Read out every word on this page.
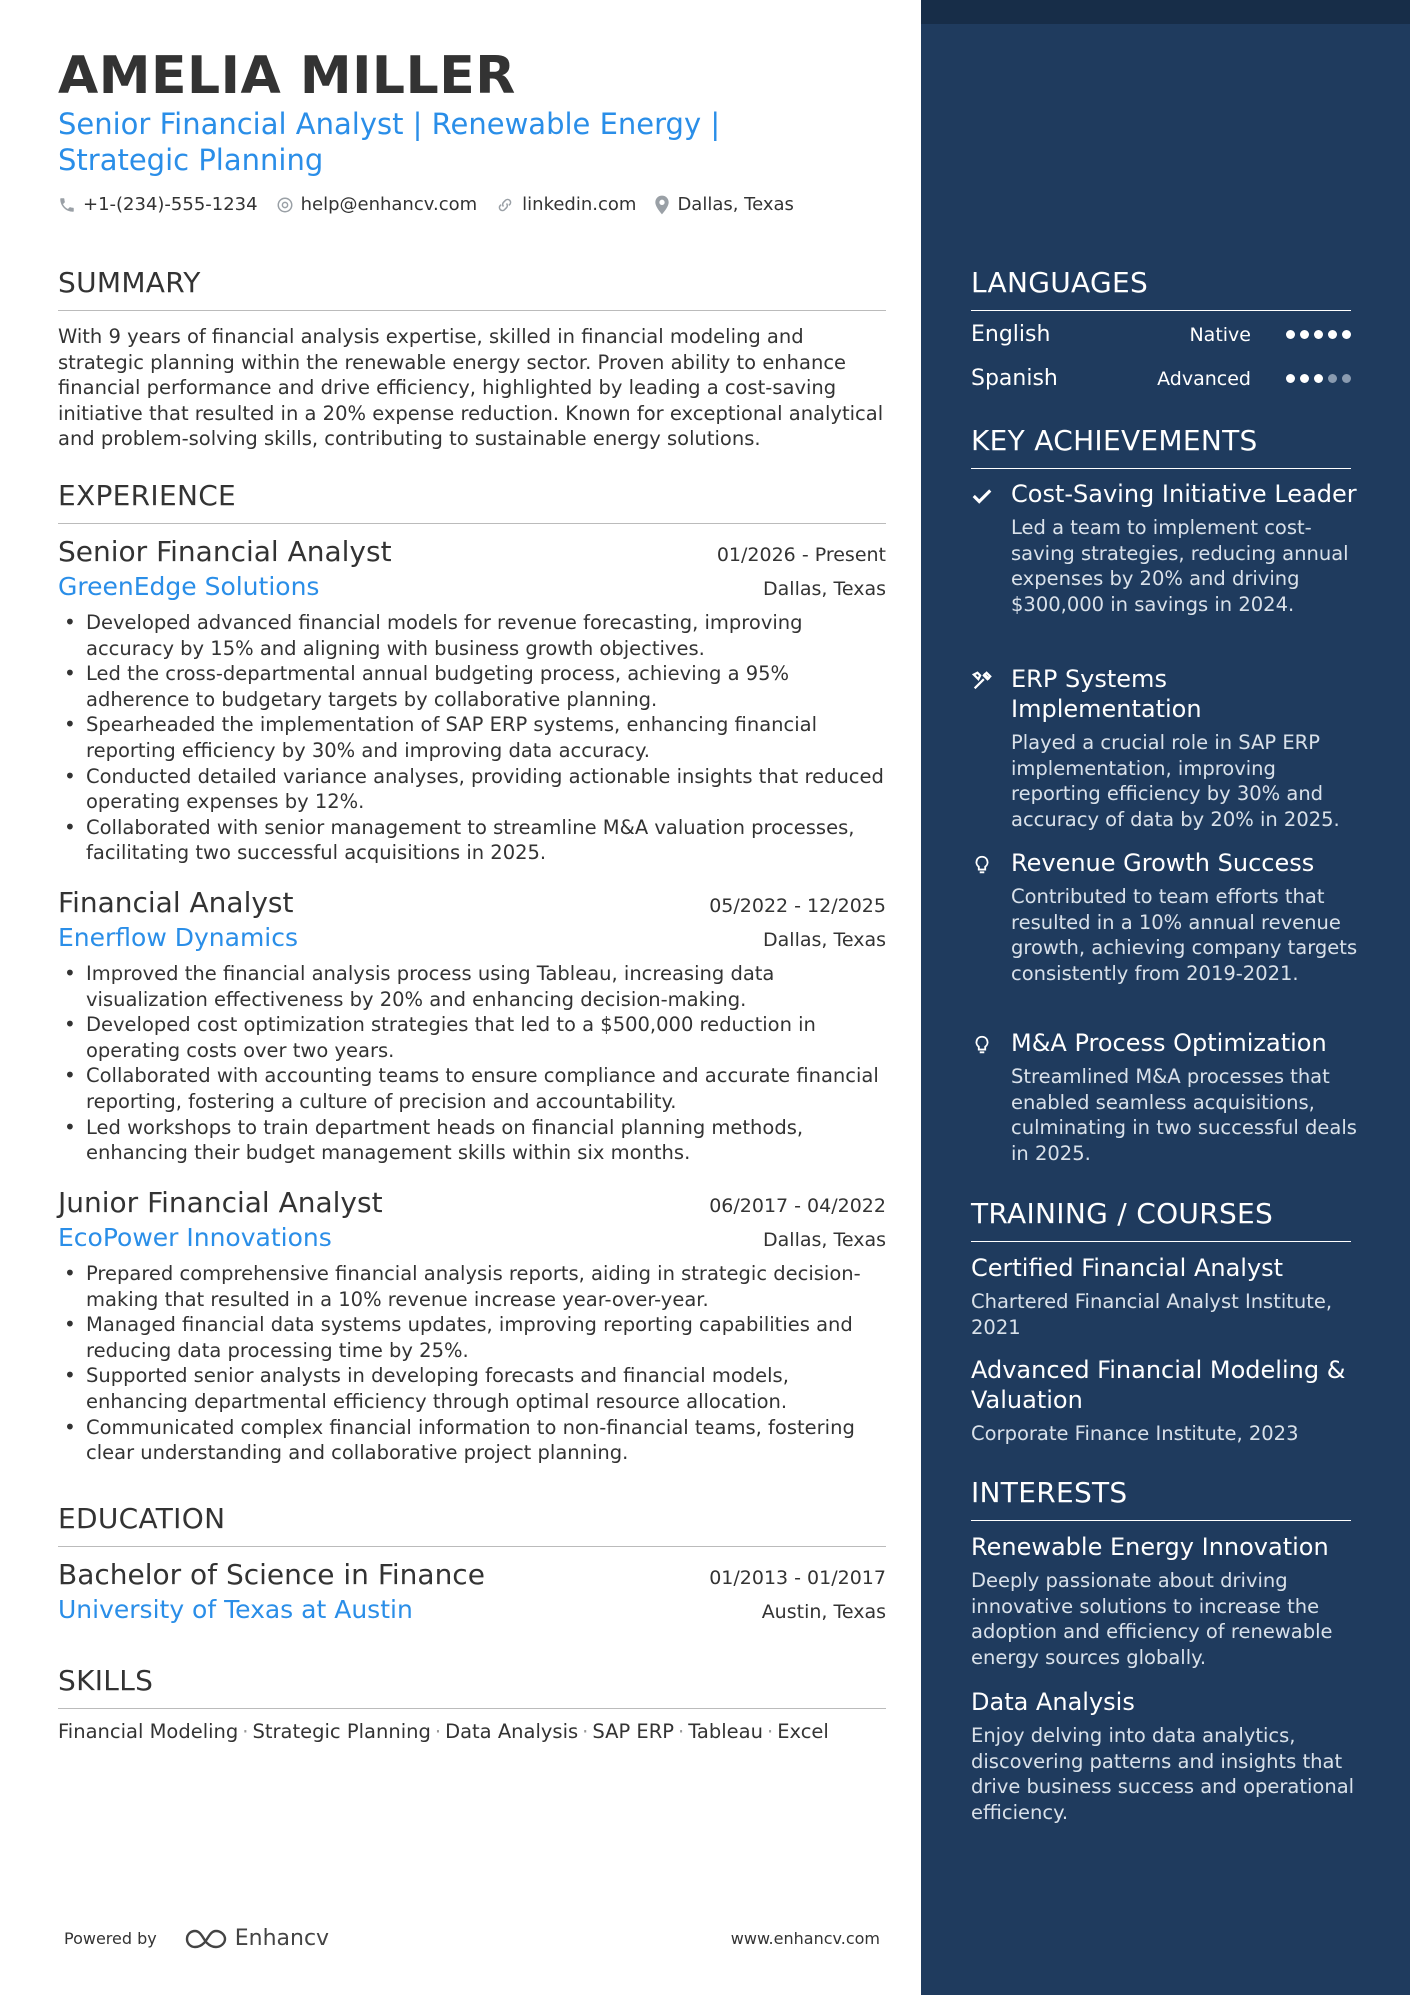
AMELIA MILLER
Senior Financial Analyst | Renewable Energy | Strategic Planning
+1-(234)-555-1234 help@enhancv.com	linkedin.com Dallas, Texas
SUMMARY
With 9 years of financial analysis expertise, skilled in financial modeling and strategic planning within the renewable energy sector. Proven ability to enhance financial performance and drive efficiency, highlighted by leading a cost-saving initiative that resulted in a 20% expense reduction. Known for exceptional analytical and problem-solving skills, contributing to sustainable energy solutions.
EXPERIENCE
Senior Financial Analyst	01/2026 - Present
GreenEdge Solutions	Dallas, Texas
• Developed advanced financial models for revenue forecasting, improving accuracy by 15% and aligning with business growth objectives.
• Led the cross-departmental annual budgeting process, achieving a 95% adherence to budgetary targets by collaborative planning.
• Spearheaded the implementation of SAP ERP systems, enhancing financial reporting efficiency by 30% and improving data accuracy.
• Conducted detailed variance analyses, providing actionable insights that reduced operating expenses by 12%.
• Collaborated with senior management to streamline M&A valuation processes, facilitating two successful acquisitions in 2025.
Financial Analyst	05/2022 - 12/2025
Enerflow Dynamics	Dallas, Texas
• Improved the financial analysis process using Tableau, increasing data visualization effectiveness by 20% and enhancing decision-making.
• Developed cost optimization strategies that led to a $500,000 reduction in operating costs over two years.
• Collaborated with accounting teams to ensure compliance and accurate financial reporting, fostering a culture of precision and accountability.
• Led workshops to train department heads on financial planning methods, enhancing their budget management skills within six months.
Junior Financial Analyst	06/2017 - 04/2022
EcoPower Innovations	Dallas, Texas
• Prepared comprehensive financial analysis reports, aiding in strategic decision-making that resulted in a 10% revenue increase year-over-year.
• Managed financial data systems updates, improving reporting capabilities and reducing data processing time by 25%.
• Supported senior analysts in developing forecasts and financial models, enhancing departmental efficiency through optimal resource allocation.
• Communicated complex financial information to non-financial teams, fostering clear understanding and collaborative project planning.
EDUCATION
Bachelor of Science in Finance	01/2013 - 01/2017
University of Texas at Austin	Austin, Texas
SKILLS
Financial Modeling · Strategic Planning · Data Analysis · SAP ERP · Tableau · Excel
Powered by	Enhancv	www.enhancv.com
LANGUAGES
English	Native
Spanish	Advanced
KEY ACHIEVEMENTS
Cost-Saving Initiative Leader
Led a team to implement cost-saving strategies, reducing annual expenses by 20% and driving $300,000 in savings in 2024.
ERP Systems Implementation
Played a crucial role in SAP ERP implementation, improving reporting efficiency by 30% and accuracy of data by 20% in 2025.
Revenue Growth Success
Contributed to team efforts that resulted in a 10% annual revenue growth, achieving company targets consistently from 2019-2021.
M&A Process Optimization
Streamlined M&A processes that enabled seamless acquisitions, culminating in two successful deals in 2025.
TRAINING / COURSES
Certified Financial Analyst
Chartered Financial Analyst Institute, 2021
Advanced Financial Modeling & Valuation
Corporate Finance Institute, 2023
INTERESTS
Renewable Energy Innovation
Deeply passionate about driving innovative solutions to increase the adoption and efficiency of renewable energy sources globally.
Data Analysis
Enjoy delving into data analytics, discovering patterns and insights that drive business success and operational efficiency.
